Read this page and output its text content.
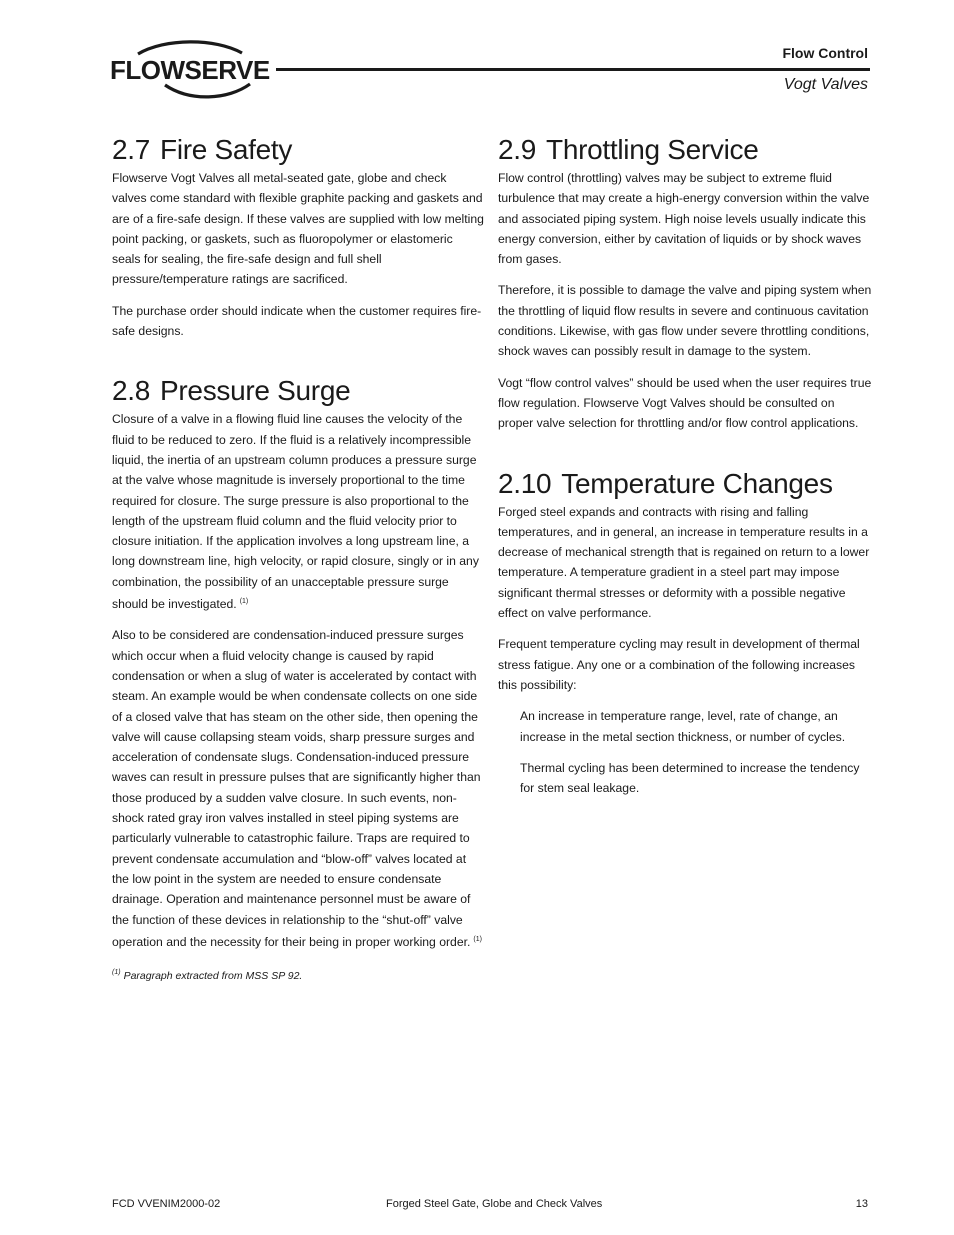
FLOWSERVE
Flow Control
Vogt Valves
2.7 Fire Safety

Flowserve Vogt Valves all metal-seated gate, globe and check valves come standard with flexible graphite packing and gaskets and are of a fire-safe design. If these valves are supplied with low melting point packing, or gaskets, such as fluoropolymer or elastomeric seals for sealing, the fire-safe design and full shell pressure/temperature ratings are sacrificed.

The purchase order should indicate when the customer requires fire-safe designs.

2.8 Pressure Surge

Closure of a valve in a flowing fluid line causes the velocity of the fluid to be reduced to zero. If the fluid is a relatively incompressible liquid, the inertia of an upstream column produces a pressure surge at the valve whose magnitude is inversely proportional to the time required for closure. The surge pressure is also proportional to the length of the upstream fluid column and the fluid velocity prior to closure initiation. If the application involves a long upstream line, a long downstream line, high velocity, or rapid closure, singly or in any combination, the possibility of an unacceptable pressure surge should be investigated. $^{(1)}$

Also to be considered are condensation-induced pressure surges which occur when a fluid velocity change is caused by rapid condensation or when a slug of water is accelerated by contact with steam. An example would be when condensate collects on one side of a closed valve that has steam on the other side, then opening the valve will cause collapsing steam voids, sharp pressure surges and acceleration of condensate slugs. Condensation-induced pressure waves can result in pressure pulses that are significantly higher than those produced by a sudden valve closure. In such events, non-shock rated gray iron valves installed in steel piping systems are particularly vulnerable to catastrophic failure. Traps are required to prevent condensate accumulation and “blow-off” valves located at the low point in the system are needed to ensure condensate drainage. Operation and maintenance personnel must be aware of the function of these devices in relationship to the “shut-off” valve operation and the necessity for their being in proper working order. $^{(1)}$

$^{(1)}$ Paragraph extracted from MSS SP 92.

2.9 Throttling Service

Flow control (throttling) valves may be subject to extreme fluid turbulence that may create a high-energy conversion within the valve and associated piping system. High noise levels usually indicate this energy conversion, either by cavitation of liquids or by shock waves from gases.

Therefore, it is possible to damage the valve and piping system when the throttling of liquid flow results in severe and continuous cavitation conditions. Likewise, with gas flow under severe throttling conditions, shock waves can possibly result in damage to the system.

Vogt “flow control valves” should be used when the user requires true flow regulation. Flowserve Vogt Valves should be consulted on proper valve selection for throttling and/or flow control applications.

2.10 Temperature Changes

Forged steel expands and contracts with rising and falling temperatures, and in general, an increase in temperature results in a decrease of mechanical strength that is regained on return to a lower temperature. A temperature gradient in a steel part may impose significant thermal stresses or deformity with a possible negative effect on valve performance.

Frequent temperature cycling may result in development of thermal stress fatigue. Any one or a combination of the following increases this possibility:

An increase in temperature range, level, rate of change, an increase in the metal section thickness, or number of cycles.

Thermal cycling has been determined to increase the tendency for stem seal leakage.

FCD VVENIM2000-02	Forged Steel Gate, Globe and Check Valves	13
